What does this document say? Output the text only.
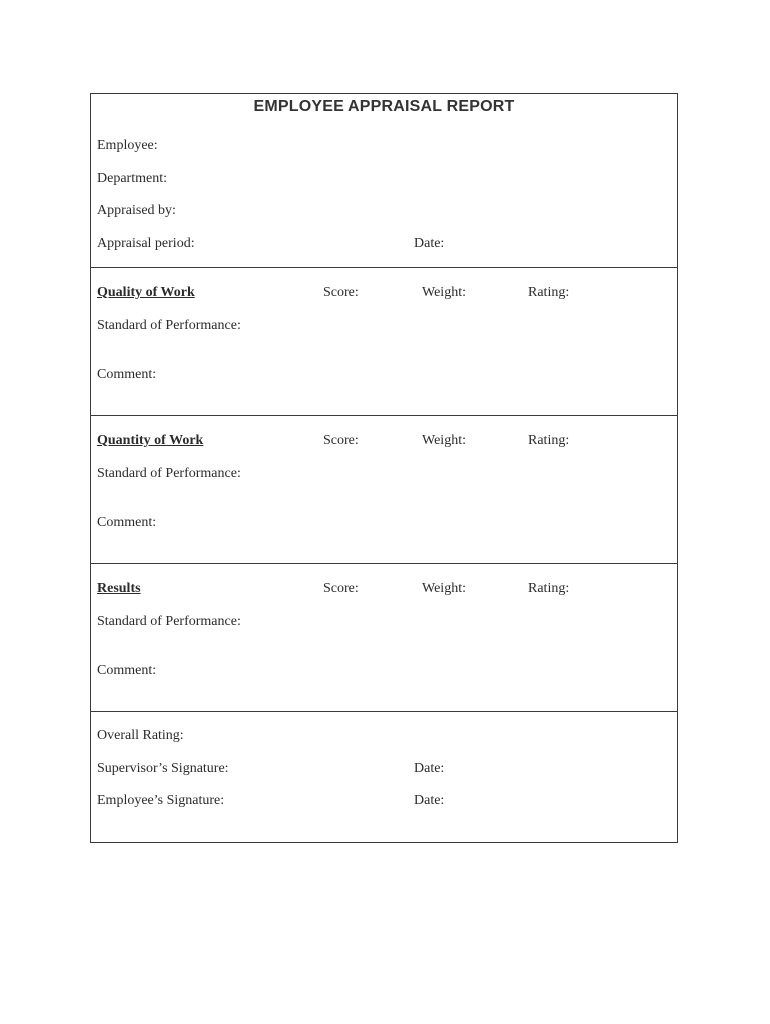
EMPLOYEE APPRAISAL REPORT
Employee:
Department:
Appraised by:
Appraisal period:	Date:
Quality of Work	Score:	Weight:	Rating:
Standard of Performance:
Comment:
Quantity of Work	Score:	Weight:	Rating:
Standard of Performance:
Comment:
Results	Score:	Weight:	Rating:
Standard of Performance:
Comment:
Overall Rating:
Supervisor’s Signature:	Date:
Employee’s Signature:	Date:
